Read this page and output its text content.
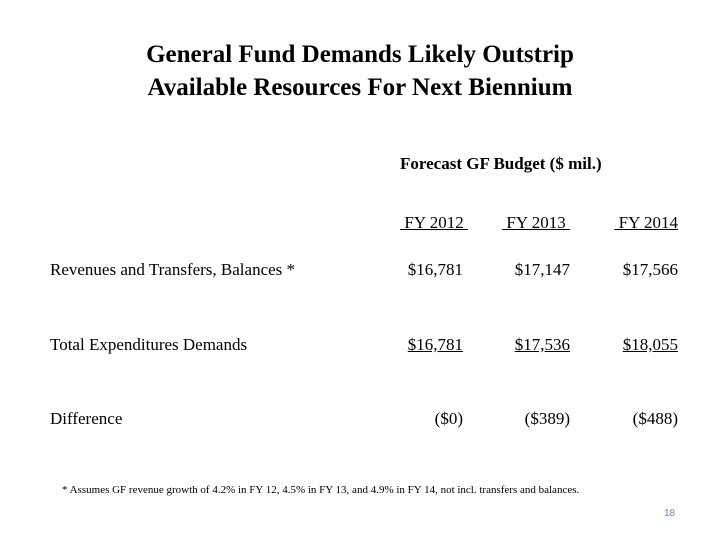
General Fund Demands Likely Outstrip
Available Resources For Next Biennium
Forecast GF Budget ($ mil.)
FY 2012	FY 2013	FY 2014
Revenues and Transfers, Balances *	$16,781	$17,147	$17,566
Total Expenditures Demands	$16,781	$17,536	$18,055
Difference	($0)	($389)	($488)
* Assumes GF revenue growth of 4.2% in FY 12, 4.5% in FY 13, and 4.9% in FY 14, not incl. transfers and balances.
18
